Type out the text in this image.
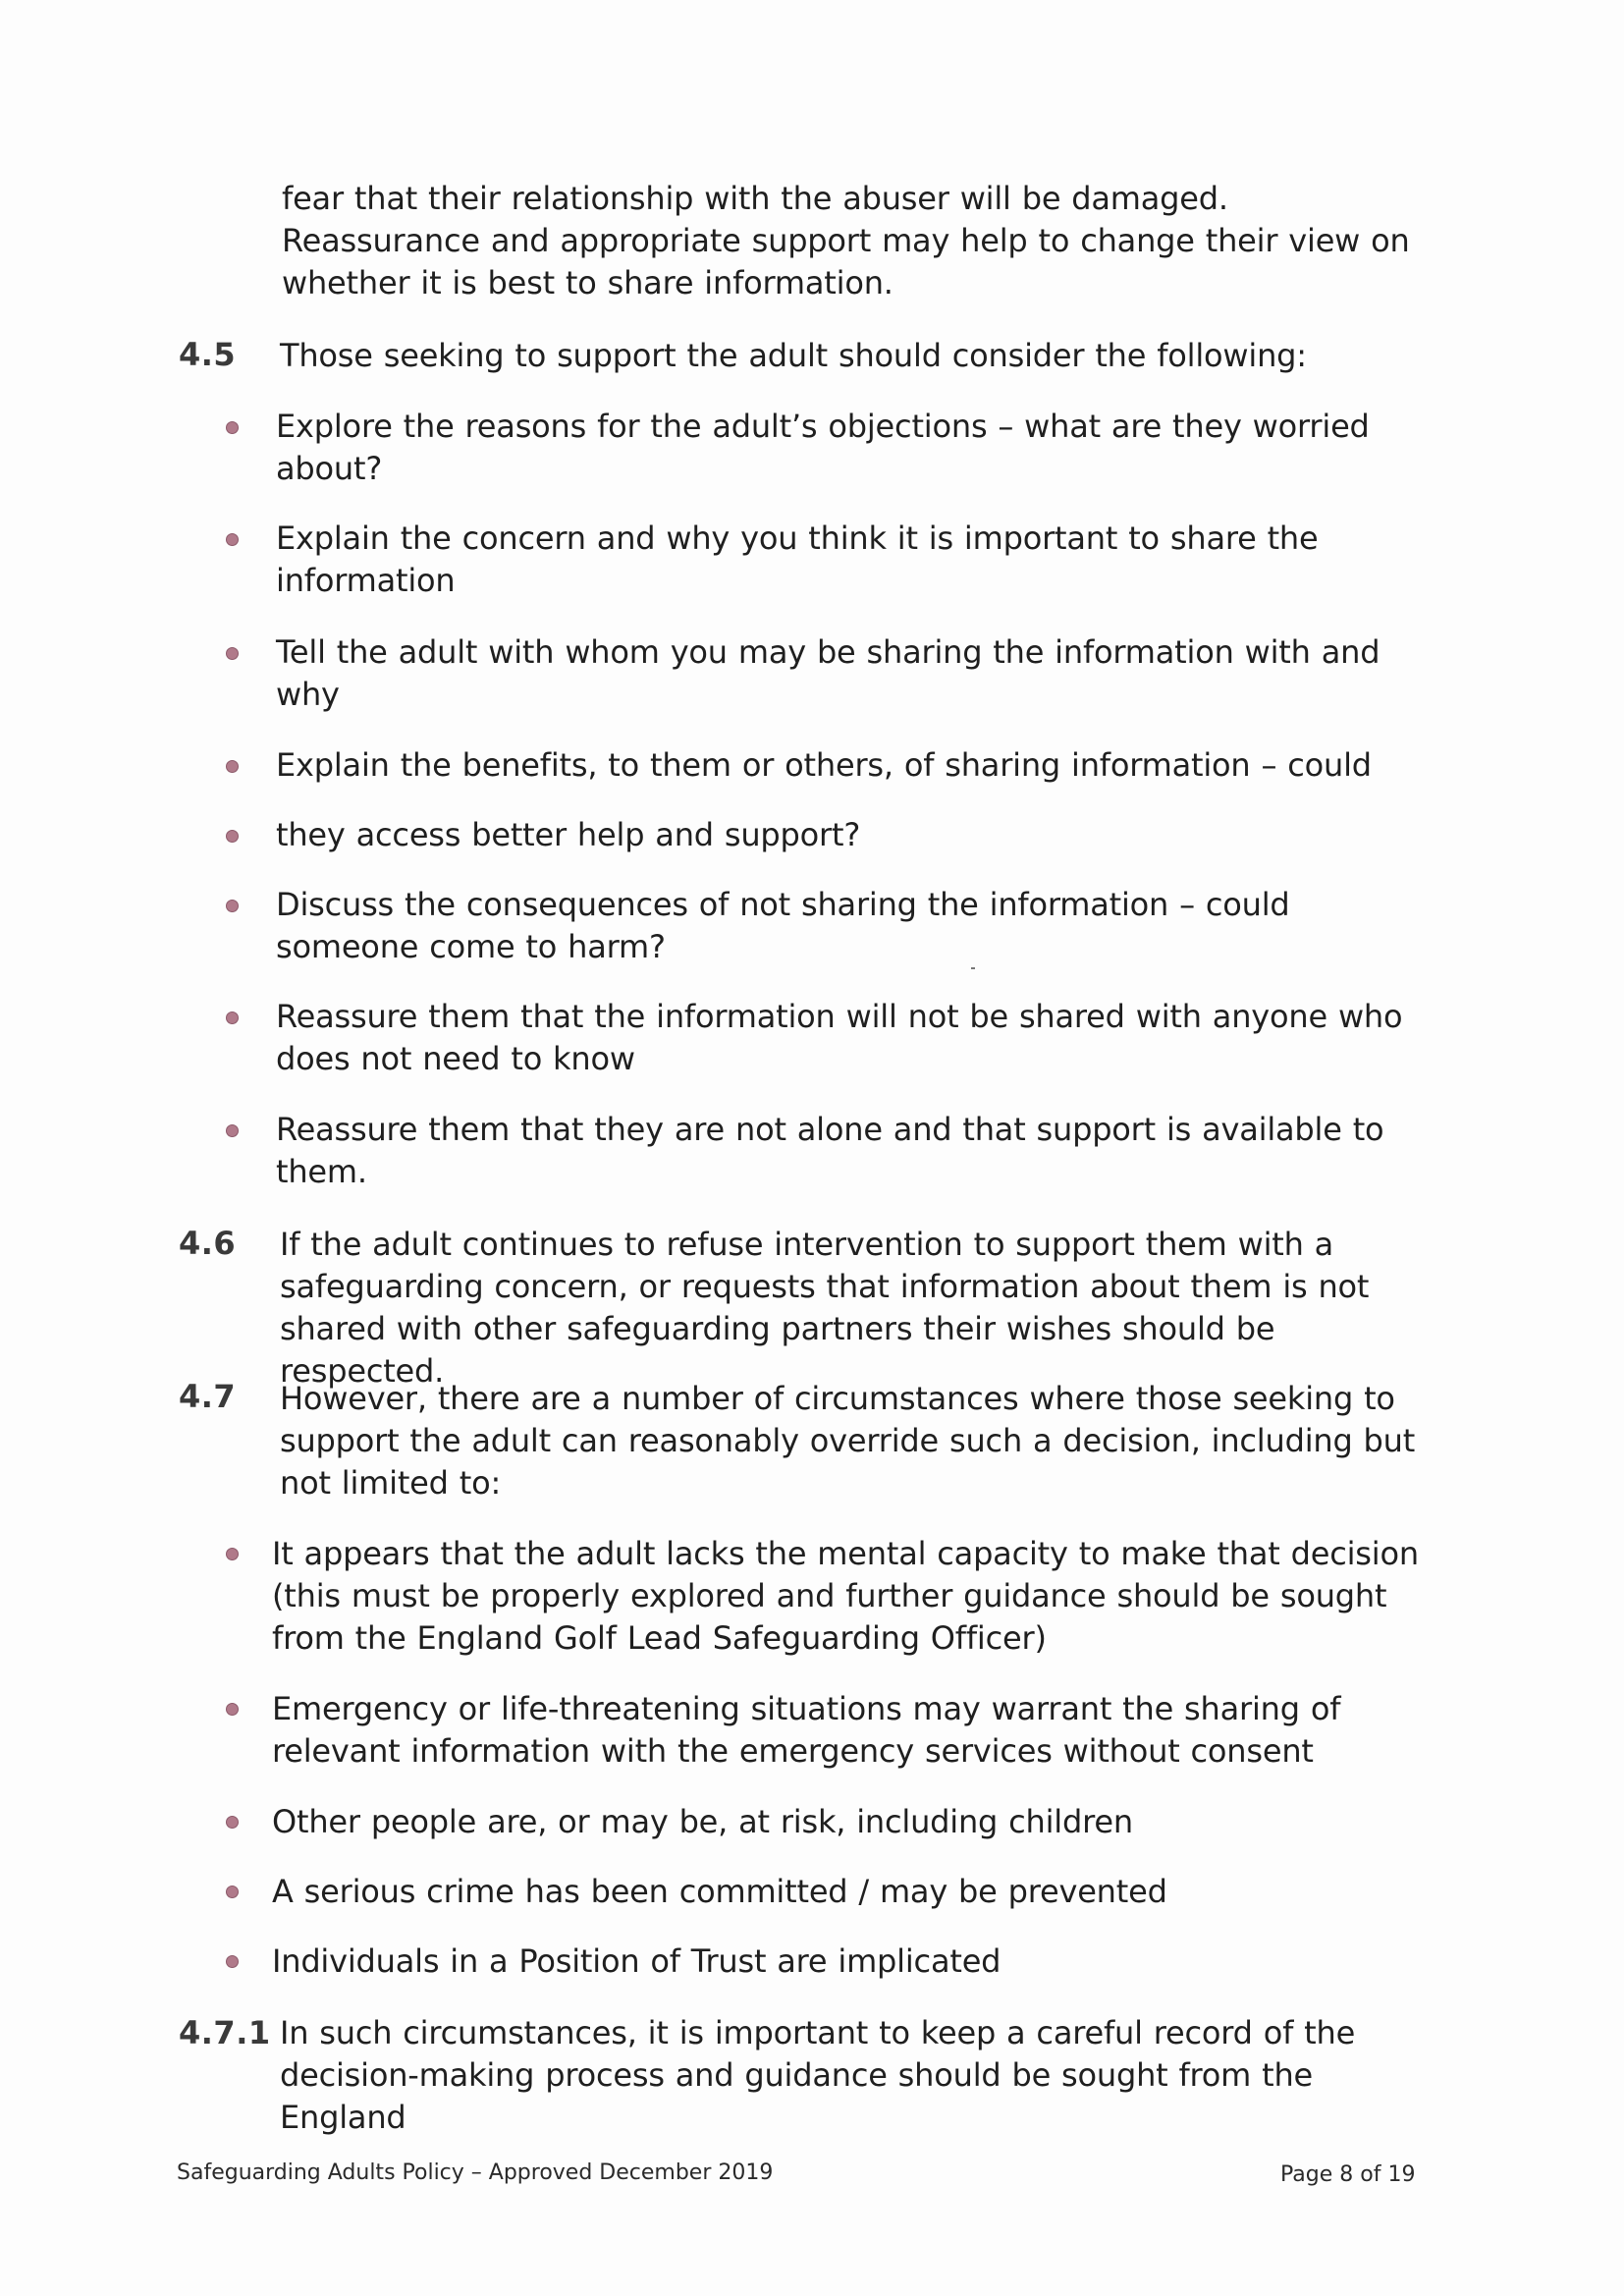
fear that their relationship with the abuser will be damaged. Reassurance and appropriate support may help to change their view on whether it is best to share information.
4.5 Those seeking to support the adult should consider the following:
Explore the reasons for the adult’s objections – what are they worried about?
Explain the concern and why you think it is important to share the information
Tell the adult with whom you may be sharing the information with and why
Explain the benefits, to them or others, of sharing information – could
they access better help and support?
Discuss the consequences of not sharing the information – could someone come to harm?
Reassure them that the information will not be shared with anyone who does not need to know
Reassure them that they are not alone and that support is available to them.
4.6 If the adult continues to refuse intervention to support them with a safeguarding concern, or requests that information about them is not shared with other safeguarding partners their wishes should be respected.
4.7 However, there are a number of circumstances where those seeking to support the adult can reasonably override such a decision, including but not limited to:
It appears that the adult lacks the mental capacity to make that decision (this must be properly explored and further guidance should be sought from the England Golf Lead Safeguarding Officer)
Emergency or life-threatening situations may warrant the sharing of relevant information with the emergency services without consent
Other people are, or may be, at risk, including children
A serious crime has been committed / may be prevented
Individuals in a Position of Trust are implicated
4.7.1 In such circumstances, it is important to keep a careful record of the decision-making process and guidance should be sought from the England
Safeguarding Adults Policy – Approved December 2019	Page 8 of 19
